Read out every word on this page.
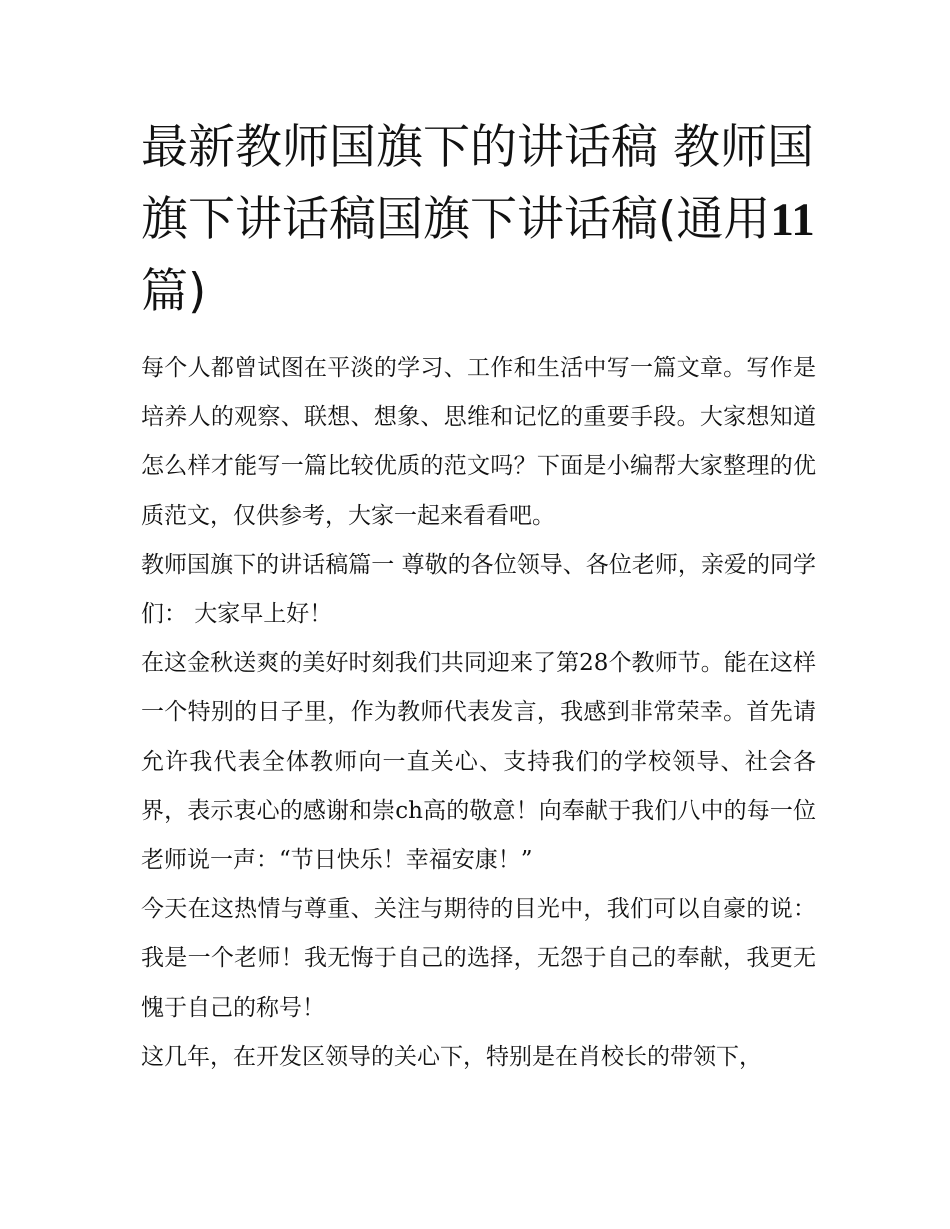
最新教师国旗下的讲话稿 教师国旗下讲话稿国旗下讲话稿(通用11篇)

每个人都曾试图在平淡的学习、工作和生活中写一篇文章。写作是培养人的观察、联想、想象、思维和记忆的重要手段。大家想知道怎么样才能写一篇比较优质的范文吗？下面是小编帮大家整理的优质范文，仅供参考，大家一起来看看吧。

教师国旗下的讲话稿篇一 尊敬的各位领导、各位老师，亲爱的同学们： 大家早上好！

在这金秋送爽的美好时刻我们共同迎来了第28个教师节。能在这样一个特别的日子里，作为教师代表发言，我感到非常荣幸。首先请允许我代表全体教师向一直关心、支持我们的学校领导、社会各界，表示衷心的感谢和崇ch高的敬意！向奉献于我们八中的每一位老师说一声：“节日快乐！幸福安康！”

今天在这热情与尊重、关注与期待的目光中，我们可以自豪的说：我是一个老师！我无悔于自己的选择，无怨于自己的奉献，我更无愧于自己的称号！

这几年，在开发区领导的关心下，特别是在肖校长的带领下，
